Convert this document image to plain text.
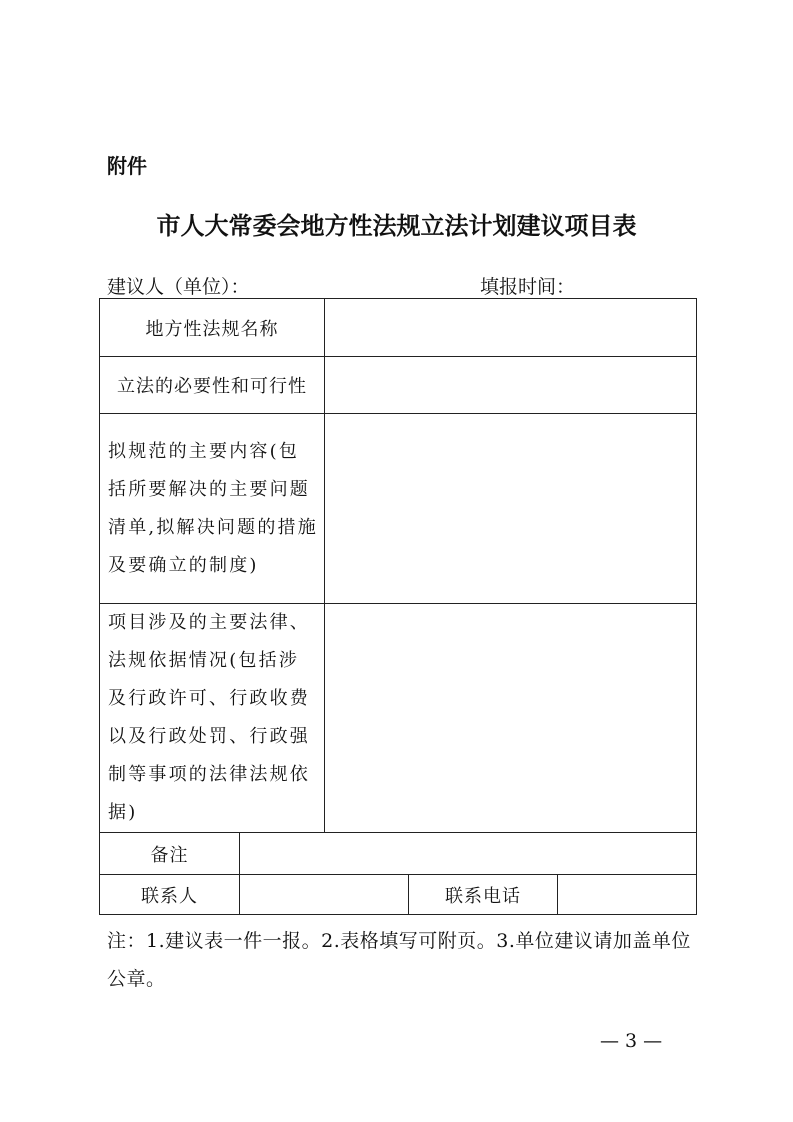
附件
市人大常委会地方性法规立法计划建议项目表
建议人（单位）：	填报时间：
地方性法规名称				
立法的必要性和可行性				
拟规范的主要内容(包括所要解决的主要问题清单,拟解决问题的措施及要确立的制度)				
项目涉及的主要法律、法规依据情况(包括涉及行政许可、行政收费以及行政处罚、行政强制等事项的法律法规依据)				
备注				
联系人			联系电话	
注：1.建议表一件一报。2.表格填写可附页。3.单位建议请加盖单位公章。
— 3 —
